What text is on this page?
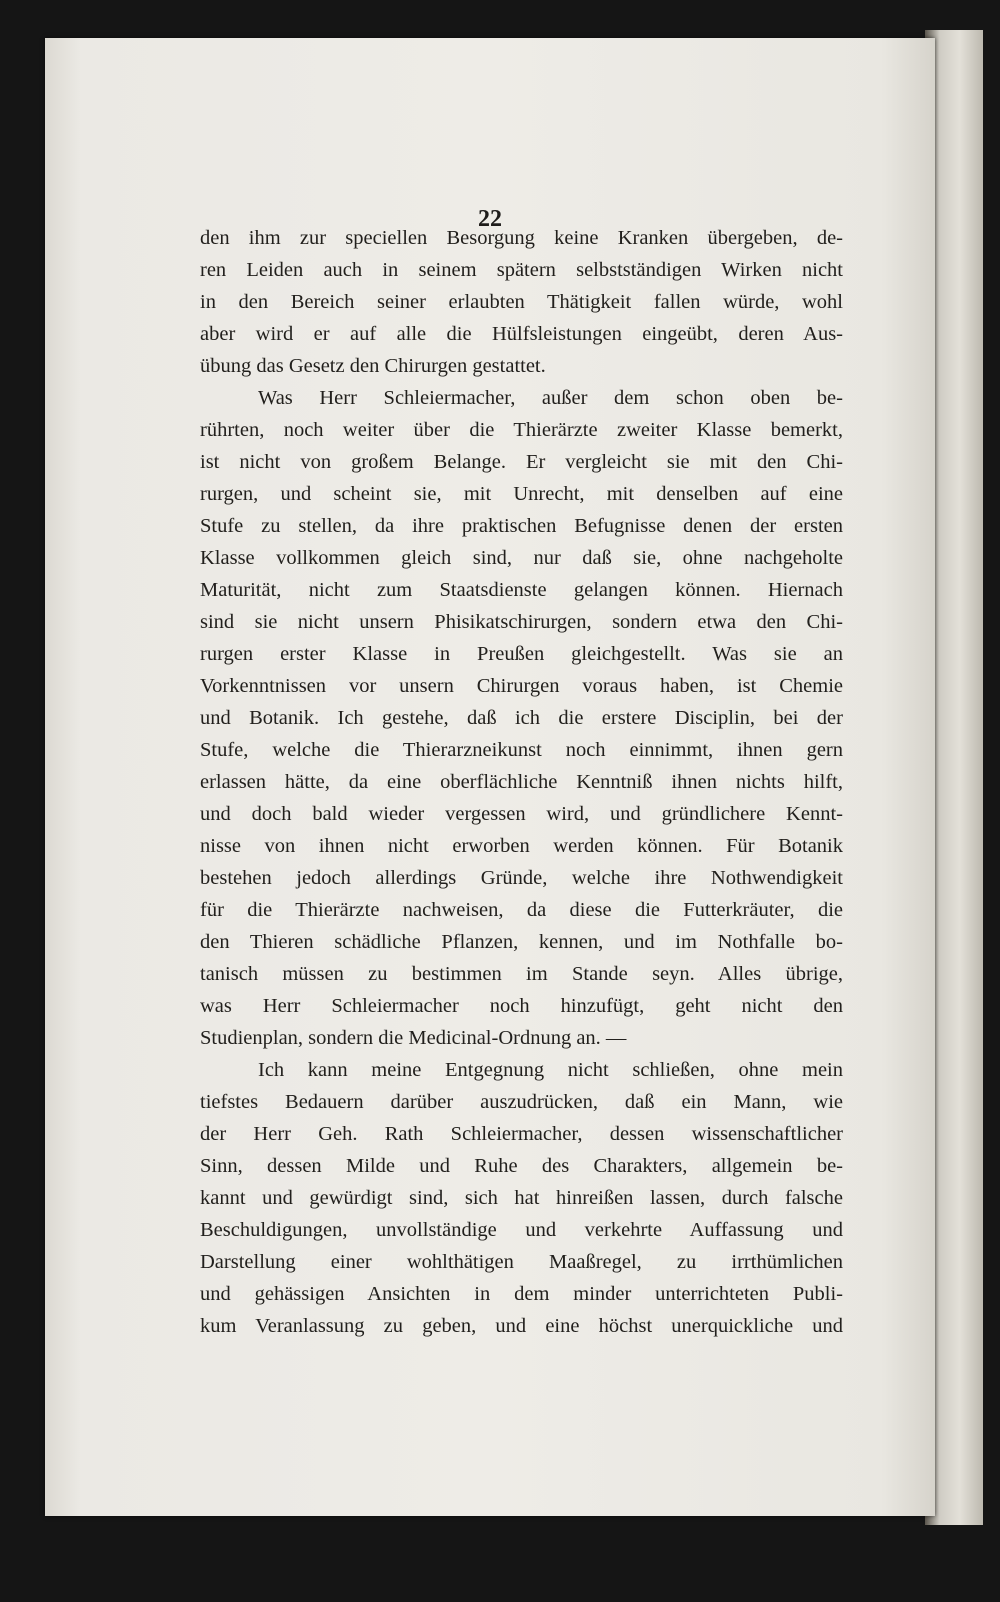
22
den ihm zur speciellen Besorgung keine Kranken übergeben, de-
ren Leiden auch in seinem spätern selbstständigen Wirken nicht
in den Bereich seiner erlaubten Thätigkeit fallen würde, wohl
aber wird er auf alle die Hülfsleistungen eingeübt, deren Aus-
übung das Gesetz den Chirurgen gestattet.
Was Herr Schleiermacher, außer dem schon oben be-
rührten, noch weiter über die Thierärzte zweiter Klasse bemerkt,
ist nicht von großem Belange. Er vergleicht sie mit den Chi-
rurgen, und scheint sie, mit Unrecht, mit denselben auf eine
Stufe zu stellen, da ihre praktischen Befugnisse denen der ersten
Klasse vollkommen gleich sind, nur daß sie, ohne nachgeholte
Maturität, nicht zum Staatsdienste gelangen können. Hiernach
sind sie nicht unsern Phisikatschirurgen, sondern etwa den Chi-
rurgen erster Klasse in Preußen gleichgestellt. Was sie an
Vorkenntnissen vor unsern Chirurgen voraus haben, ist Chemie
und Botanik. Ich gestehe, daß ich die erstere Disciplin, bei der
Stufe, welche die Thierarzneikunst noch einnimmt, ihnen gern
erlassen hätte, da eine oberflächliche Kenntniß ihnen nichts hilft,
und doch bald wieder vergessen wird, und gründlichere Kennt-
nisse von ihnen nicht erworben werden können. Für Botanik
bestehen jedoch allerdings Gründe, welche ihre Nothwendigkeit
für die Thierärzte nachweisen, da diese die Futterkräuter, die
den Thieren schädliche Pflanzen, kennen, und im Nothfalle bo-
tanisch müssen zu bestimmen im Stande seyn. Alles übrige,
was Herr Schleiermacher noch hinzufügt, geht nicht den
Studienplan, sondern die Medicinal-Ordnung an. —
Ich kann meine Entgegnung nicht schließen, ohne mein
tiefstes Bedauern darüber auszudrücken, daß ein Mann, wie
der Herr Geh. Rath Schleiermacher, dessen wissenschaftlicher
Sinn, dessen Milde und Ruhe des Charakters, allgemein be-
kannt und gewürdigt sind, sich hat hinreißen lassen, durch falsche
Beschuldigungen, unvollständige und verkehrte Auffassung und
Darstellung einer wohlthätigen Maaßregel, zu irrthümlichen
und gehässigen Ansichten in dem minder unterrichteten Publi-
kum Veranlassung zu geben, und eine höchst unerquickliche und
